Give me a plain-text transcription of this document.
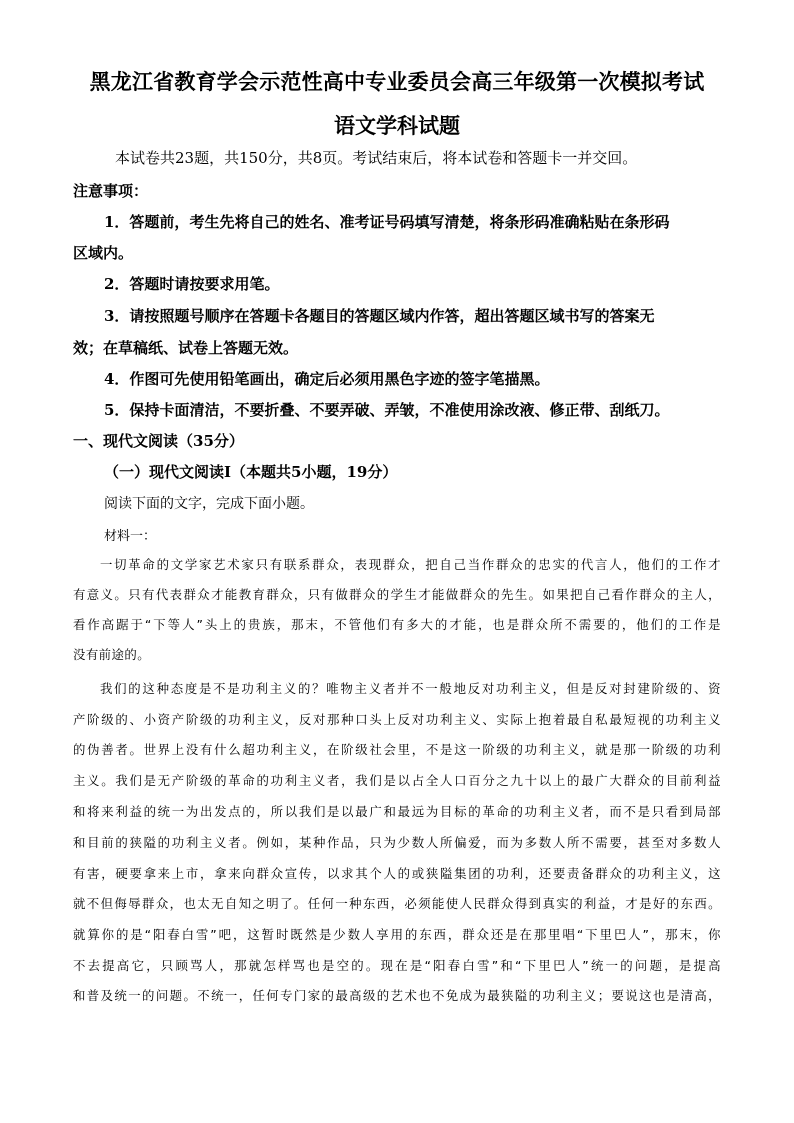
黑龙江省教育学会示范性高中专业委员会高三年级第一次模拟考试
语文学科试题
本试卷共23题，共150分，共8页。考试结束后，将本试卷和答题卡一并交回。
注意事项：
1．答题前，考生先将自己的姓名、准考证号码填写清楚，将条形码准确粘贴在条形码
区域内。
2．答题时请按要求用笔。
3．请按照题号顺序在答题卡各题目的答题区域内作答，超出答题区域书写的答案无
效；在草稿纸、试卷上答题无效。
4．作图可先使用铅笔画出，确定后必须用黑色字迹的签字笔描黑。
5．保持卡面清洁，不要折叠、不要弄破、弄皱，不准使用涂改液、修正带、刮纸刀。
一、现代文阅读（35分）
（一）现代文阅读Ⅰ（本题共5小题，19分）
阅读下面的文字，完成下面小题。
材料一：
一切革命的文学家艺术家只有联系群众，表现群众，把自己当作群众的忠实的代言人，他们的工作才
有意义。只有代表群众才能教育群众，只有做群众的学生才能做群众的先生。如果把自己看作群众的主人，
看作高踞于“下等人”头上的贵族，那末，不管他们有多大的才能，也是群众所不需要的，他们的工作是
没有前途的。
我们的这种态度是不是功利主义的？唯物主义者并不一般地反对功利主义，但是反对封建阶级的、资
产阶级的、小资产阶级的功利主义，反对那种口头上反对功利主义、实际上抱着最自私最短视的功利主义
的伪善者。世界上没有什么超功利主义，在阶级社会里，不是这一阶级的功利主义，就是那一阶级的功利
主义。我们是无产阶级的革命的功利主义者，我们是以占全人口百分之九十以上的最广大群众的目前利益
和将来利益的统一为出发点的，所以我们是以最广和最远为目标的革命的功利主义者，而不是只看到局部
和目前的狭隘的功利主义者。例如，某种作品，只为少数人所偏爱，而为多数人所不需要，甚至对多数人
有害，硬要拿来上市，拿来向群众宣传，以求其个人的或狭隘集团的功利，还要责备群众的功利主义，这
就不但侮辱群众，也太无自知之明了。任何一种东西，必须能使人民群众得到真实的利益，才是好的东西。
就算你的是“阳春白雪”吧，这暂时既然是少数人享用的东西，群众还是在那里唱“下里巴人”，那末，你
不去提高它，只顾骂人，那就怎样骂也是空的。现在是“阳春白雪”和“下里巴人”统一的问题，是提高
和普及统一的问题。不统一，任何专门家的最高级的艺术也不免成为最狭隘的功利主义；要说这也是清高，
